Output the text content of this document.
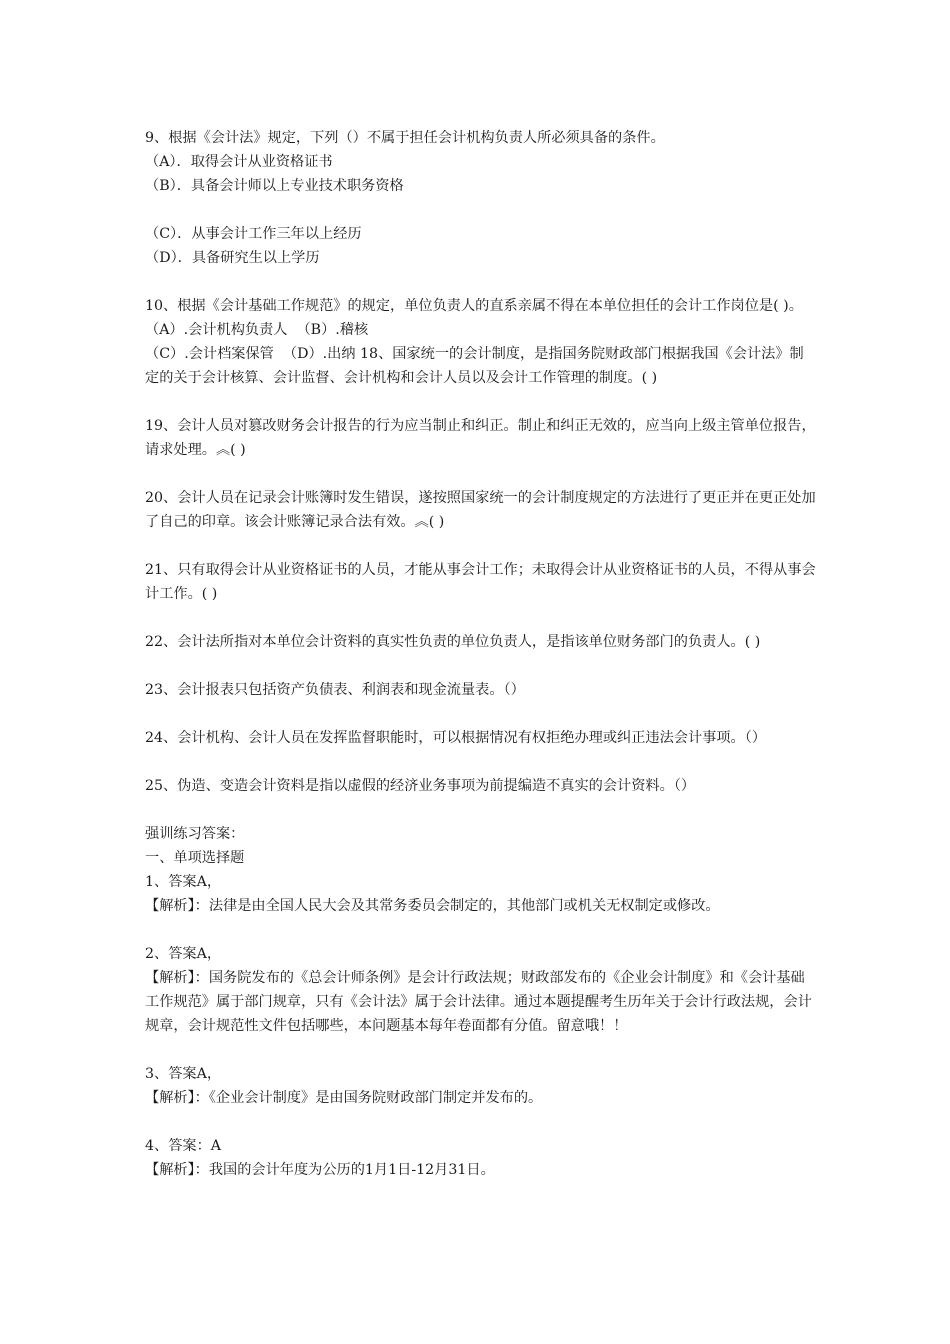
9、根据《会计法》规定，下列（）不属于担任会计机构负责人所必须具备的条件。
（A）．取得会计从业资格证书
（B）．具备会计师以上专业技术职务资格
（C）．从事会计工作三年以上经历
（D）．具备研究生以上学历
10、根据《会计基础工作规范》的规定，单位负责人的直系亲属不得在本单位担任的会计工作岗位是( )。
（A）.会计机构负责人  （B）.稽核
（C）.会计档案保管  （D）.出纳 18、国家统一的会计制度，是指国务院财政部门根据我国《会计法》制定的关于会计核算、会计监督、会计机构和会计人员以及会计工作管理的制度。( )
19、会计人员对篡改财务会计报告的行为应当制止和纠正。制止和纠正无效的，应当向上级主管单位报告，请求处理。︽( )
20、会计人员在记录会计账簿时发生错误，遂按照国家统一的会计制度规定的方法进行了更正并在更正处加了自己的印章。该会计账簿记录合法有效。︽( )
21、只有取得会计从业资格证书的人员，才能从事会计工作；未取得会计从业资格证书的人员，不得从事会计工作。( )
22、会计法所指对本单位会计资料的真实性负责的单位负责人，是指该单位财务部门的负责人。( )
23、会计报表只包括资产负债表、利润表和现金流量表。（）
24、会计机构、会计人员在发挥监督职能时，可以根据情况有权拒绝办理或纠正违法会计事项。（）
25、伪造、变造会计资料是指以虚假的经济业务事项为前提编造不真实的会计资料。（）
强训练习答案：
一、单项选择题
1、答案A，
【解析】：法律是由全国人民大会及其常务委员会制定的，其他部门或机关无权制定或修改。
2、答案A，
【解析】：国务院发布的《总会计师条例》是会计行政法规；财政部发布的《企业会计制度》和《会计基础工作规范》属于部门规章，只有《会计法》属于会计法律。通过本题提醒考生历年关于会计行政法规，会计规章，会计规范性文件包括哪些，本问题基本每年卷面都有分值。留意哦！！
3、答案A，
【解析】：《企业会计制度》是由国务院财政部门制定并发布的。
4、答案：A
【解析】：我国的会计年度为公历的1月1日-12月31日。
